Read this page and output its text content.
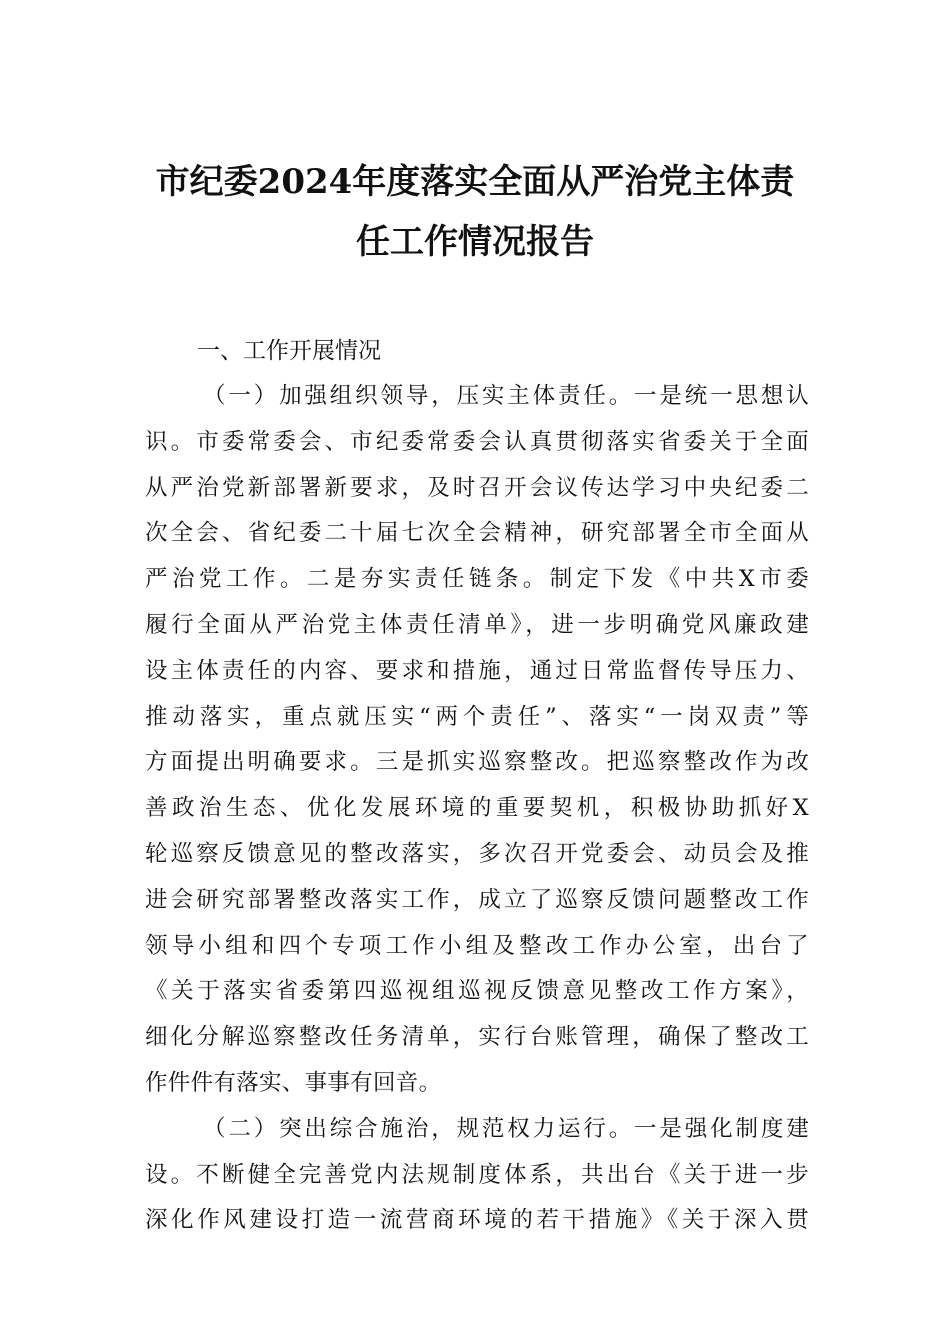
市纪委2024年度落实全面从严治党主体责
任工作情况报告
一、工作开展情况

（一）加强组织领导，压实主体责任。一是统一思想认
识。市委常委会、市纪委常委会认真贯彻落实省委关于全面
从严治党新部署新要求，及时召开会议传达学习中央纪委二
次全会、省纪委二十届七次全会精神，研究部署全市全面从
严治党工作。二是夯实责任链条。制定下发《中共X市委
履行全面从严治党主体责任清单》，进一步明确党风廉政建
设主体责任的内容、要求和措施，通过日常监督传导压力、
推动落实，重点就压实“两个责任”、落实“一岗双责”等
方面提出明确要求。三是抓实巡察整改。把巡察整改作为改
善政治生态、优化发展环境的重要契机，积极协助抓好X
轮巡察反馈意见的整改落实，多次召开党委会、动员会及推
进会研究部署整改落实工作，成立了巡察反馈问题整改工作
领导小组和四个专项工作小组及整改工作办公室，出台了
《关于落实省委第四巡视组巡视反馈意见整改工作方案》，
细化分解巡察整改任务清单，实行台账管理，确保了整改工
作件件有落实、事事有回音。

（二）突出综合施治，规范权力运行。一是强化制度建
设。不断健全完善党内法规制度体系，共出台《关于进一步
深化作风建设打造一流营商环境的若干措施》《关于深入贯
